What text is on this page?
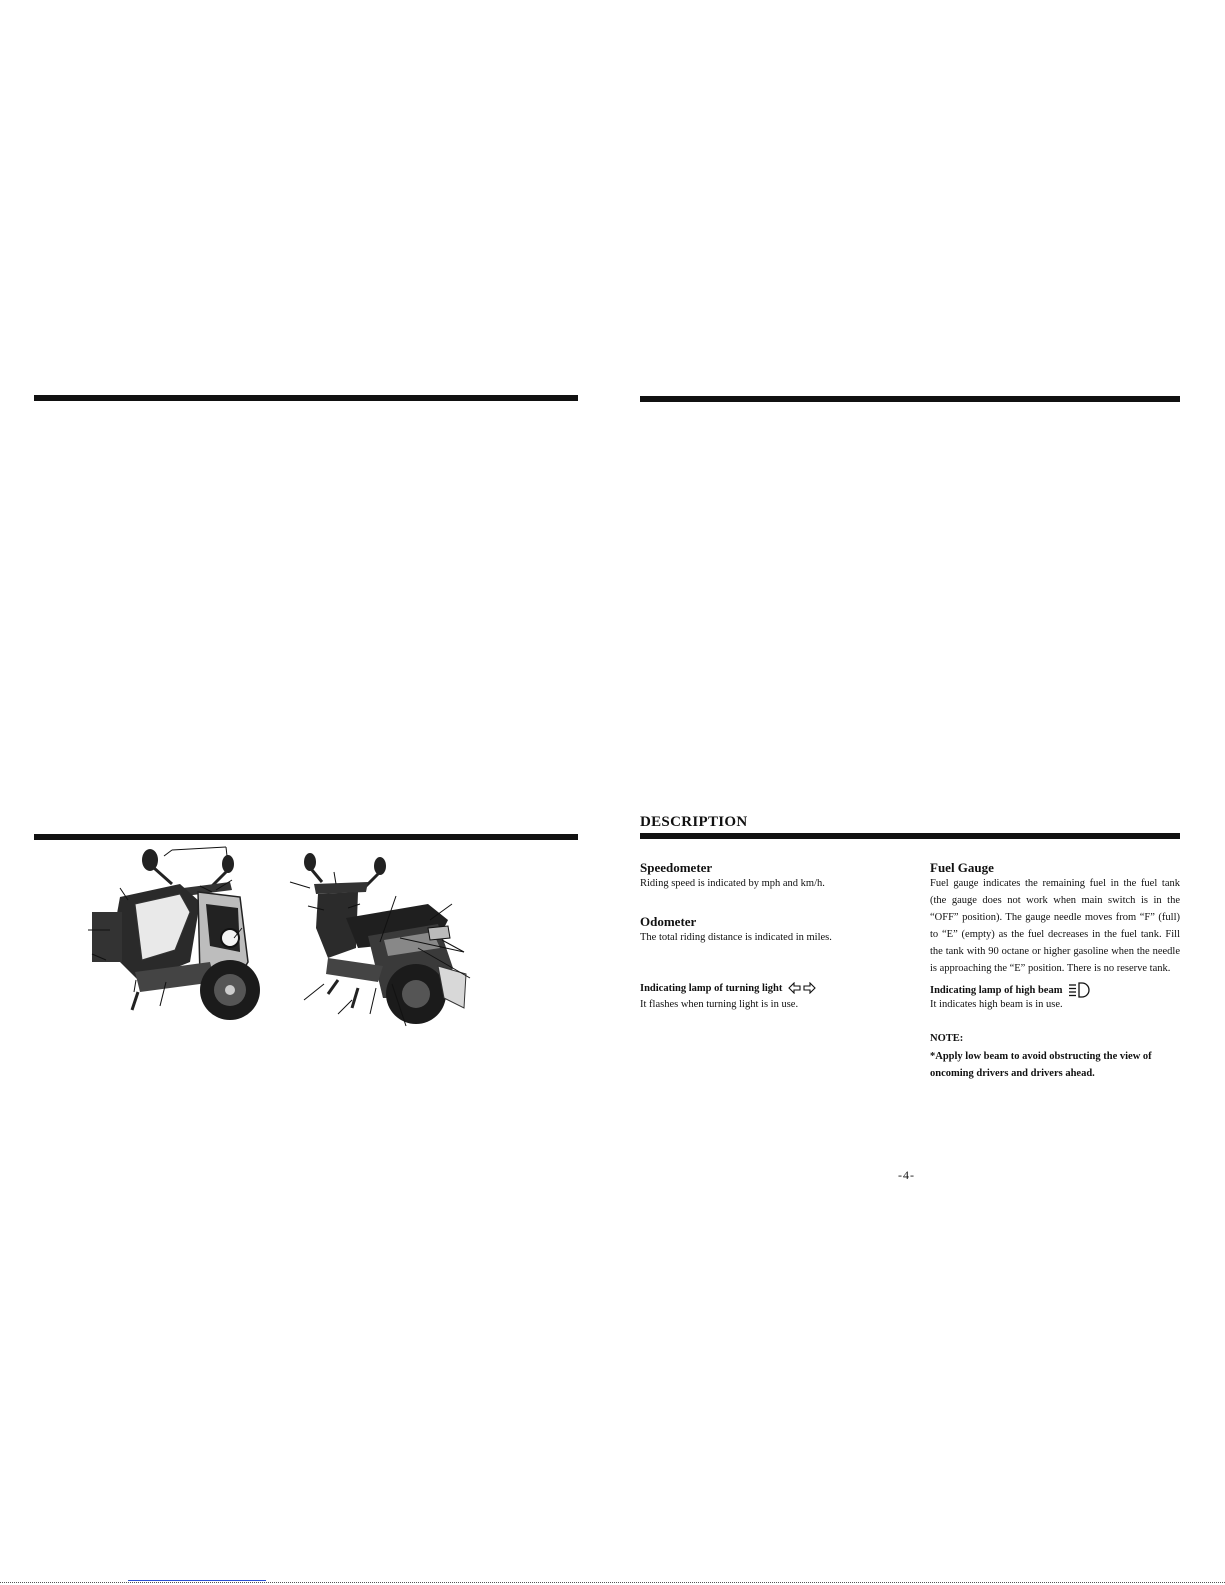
DESCRIPTION
Speedometer
Riding speed is indicated by mph and km/h.
Odometer
The total riding distance is indicated in miles.
Indicating lamp of turning light
It flashes when turning light is in use.
Fuel Gauge
Fuel gauge indicates the remaining fuel in the fuel tank (the gauge does not work when main switch is in the “OFF” position). The gauge needle moves from “F” (full) to “E” (empty) as the fuel decreases in the fuel tank. Fill the tank with 90 octane or higher gasoline when the needle is approaching the “E” position. There is no reserve tank.
Indicating lamp of high beam
It indicates high beam is in use.
NOTE:
*Apply low beam to avoid obstructing the view of oncoming drivers and drivers ahead.
-4-
